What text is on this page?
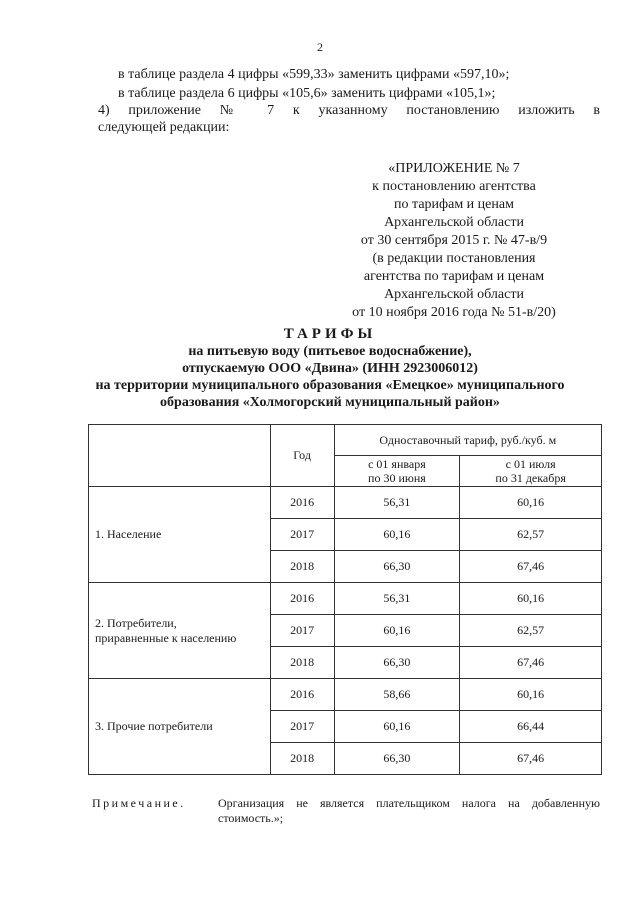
2
в таблице раздела 4 цифры «599,33» заменить цифрами «597,10»;
в таблице раздела 6 цифры «105,6» заменить цифрами «105,1»;
4) приложение № 7 к указанному постановлению изложить в
следующей редакции:
«ПРИЛОЖЕНИЕ № 7
к постановлению агентства
по тарифам и ценам
Архангельской области
от 30 сентября 2015 г. № 47-в/9
(в редакции постановления
агентства по тарифам и ценам
Архангельской области
от 10 ноября 2016 года № 51-в/20)
ТАРИФЫ
на питьевую воду (питьевое водоснабжение),
отпускаемую ООО «Двина» (ИНН 2923006012)
на территории муниципального образования «Емецкое» муниципального
образования «Холмогорский муниципальный район»
	Год	Одноставочный тариф, руб./куб. м	
		с 01 января
по 30 июня	с 01 июля
по 31 декабря
1. Население	2016	56,31	60,16
	2017	60,16	62,57
	2018	66,30	67,46
2. Потребители,
приравненные к населению	2016	56,31	60,16
	2017	60,16	62,57
	2018	66,30	67,46
3. Прочие потребители	2016	58,66	60,16
	2017	60,16	66,44
	2018	66,30	67,46
Примечание.	Организация не является плательщиком налога на добавленную стоимость.»;
